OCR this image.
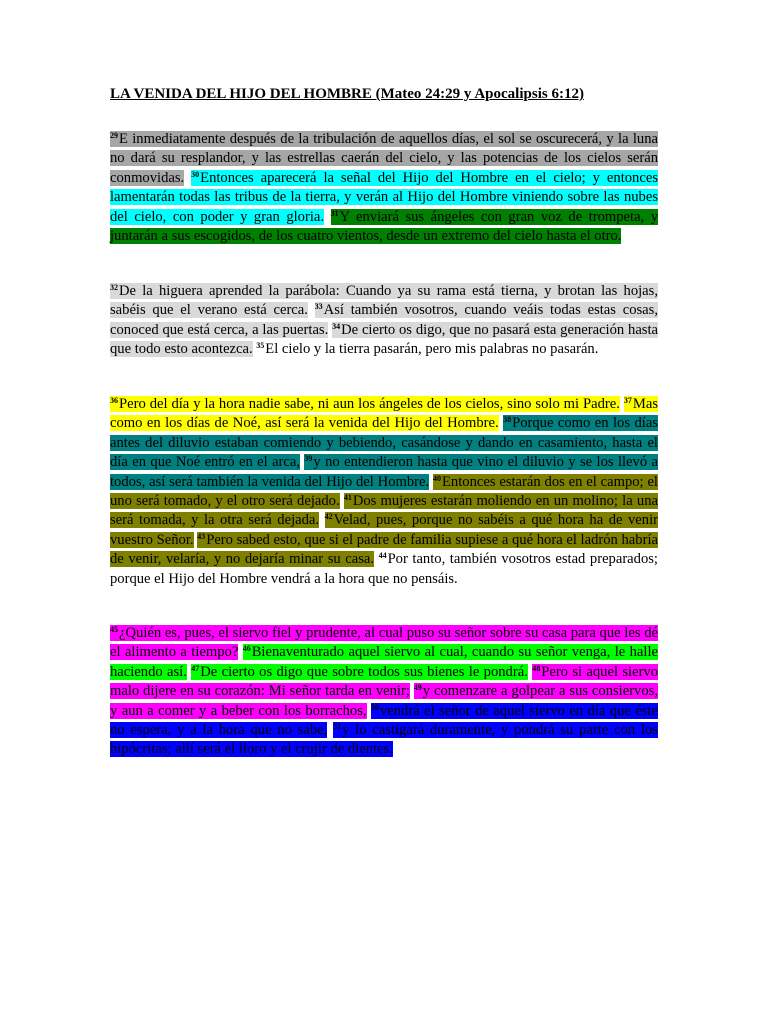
LA VENIDA DEL HIJO DEL HOMBRE (Mateo 24:29 y Apocalipsis 6:12)
$^{29}$E inmediatamente después de la tribulación de aquellos días, el sol se oscurecerá, y la luna no dará su resplandor, y las estrellas caerán del cielo, y las potencias de los cielos serán conmovidas. $^{30}$Entonces aparecerá la señal del Hijo del Hombre en el cielo; y entonces lamentarán todas las tribus de la tierra, y verán al Hijo del Hombre viniendo sobre las nubes del cielo, con poder y gran gloria. $^{31}$Y enviará sus ángeles con gran voz de trompeta, y juntarán a sus escogidos, de los cuatro vientos, desde un extremo del cielo hasta el otro.
$^{32}$De la higuera aprended la parábola: Cuando ya su rama está tierna, y brotan las hojas, sabéis que el verano está cerca. $^{33}$Así también vosotros, cuando veáis todas estas cosas, conoced que está cerca, a las puertas. $^{34}$De cierto os digo, que no pasará esta generación hasta que todo esto acontezca. $^{35}$El cielo y la tierra pasarán, pero mis palabras no pasarán.
$^{36}$Pero del día y la hora nadie sabe, ni aun los ángeles de los cielos, sino solo mi Padre. $^{37}$Mas como en los días de Noé, así será la venida del Hijo del Hombre. $^{38}$Porque como en los días antes del diluvio estaban comiendo y bebiendo, casándose y dando en casamiento, hasta el día en que Noé entró en el arca, $^{39}$y no entendieron hasta que vino el diluvio y se los llevó a todos, así será también la venida del Hijo del Hombre. $^{40}$Entonces estarán dos en el campo; el uno será tomado, y el otro será dejado. $^{41}$Dos mujeres estarán moliendo en un molino; la una será tomada, y la otra será dejada. $^{42}$Velad, pues, porque no sabéis a qué hora ha de venir vuestro Señor. $^{43}$Pero sabed esto, que si el padre de familia supiese a qué hora el ladrón habría de venir, velaría, y no dejaría minar su casa. $^{44}$Por tanto, también vosotros estad preparados; porque el Hijo del Hombre vendrá a la hora que no pensáis.
$^{45}$¿Quién es, pues, el siervo fiel y prudente, al cual puso su señor sobre su casa para que les dé el alimento a tiempo? $^{46}$Bienaventurado aquel siervo al cual, cuando su señor venga, le halle haciendo así. $^{47}$De cierto os digo que sobre todos sus bienes le pondrá. $^{48}$Pero si aquel siervo malo dijere en su corazón: Mi señor tarda en venir; $^{49}$y comenzare a golpear a sus consiervos, y aun a comer y a beber con los borrachos, $^{50}$vendrá el señor de aquel siervo en día que éste no espera, y a la hora que no sabe, $^{51}$y lo castigará duramente, y pondrá su parte con los hipócritas; allí será el lloro y el crujir de dientes.
